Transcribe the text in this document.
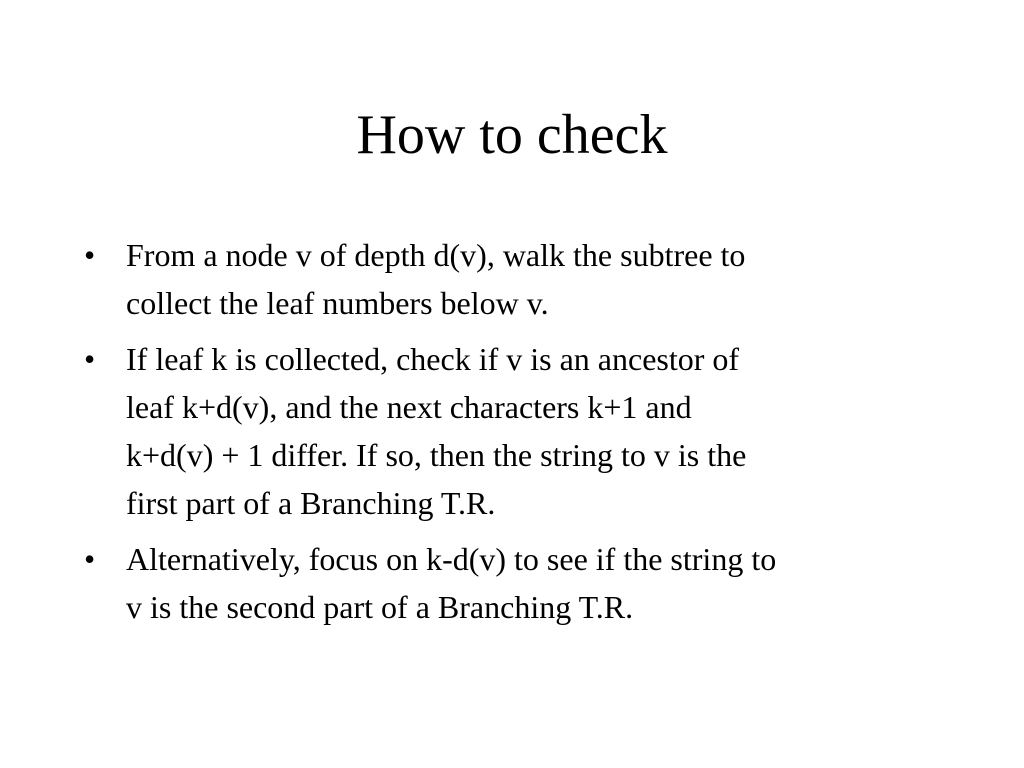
How to check
• From a node v of depth d(v), walk the subtree to
collect the leaf numbers below v.
• If leaf k is collected, check if v is an ancestor of
leaf k+d(v), and the next characters k+1 and
k+d(v) + 1 differ. If so, then the string to v is the
first part of a Branching T.R.
• Alternatively, focus on k-d(v) to see if the string to
v is the second part of a Branching T.R.
